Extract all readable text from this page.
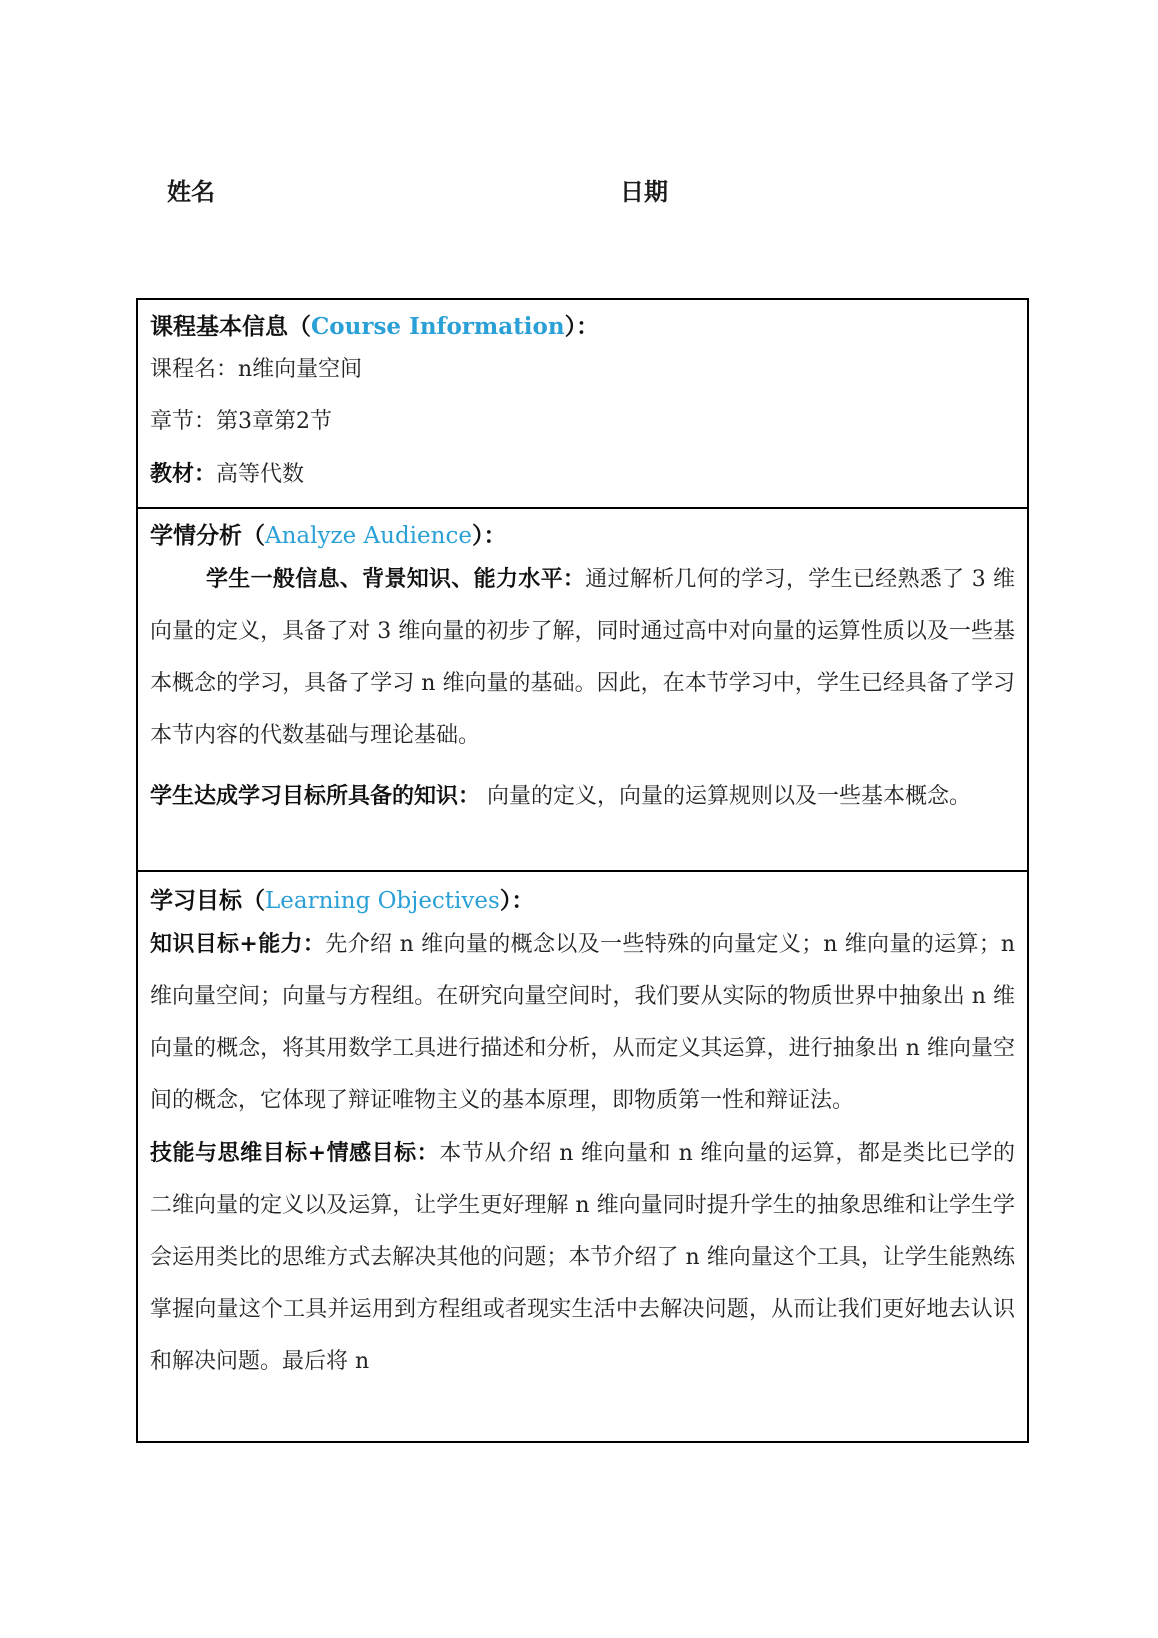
姓名	日期
课程基本信息（Course Information）：
课程名：n维向量空间
章节：第3章第2节
教材：高等代数
学情分析（Analyze Audience）：

学生一般信息、背景知识、能力水平：通过解析几何的学习，学生已经熟悉了 3 维向量的定义，具备了对 3 维向量的初步了解，同时通过高中对向量的运算性质以及一些基本概念的学习，具备了学习 n 维向量的基础。因此，在本节学习中，学生已经具备了学习本节内容的代数基础与理论基础。

学生达成学习目标所具备的知识： 向量的定义，向量的运算规则以及一些基本概念。

学习目标（Learning Objectives）：

知识目标+能力：先介绍 n 维向量的概念以及一些特殊的向量定义；n 维向量的运算；n 维向量空间；向量与方程组。在研究向量空间时，我们要从实际的物质世界中抽象出 n 维向量的概念，将其用数学工具进行描述和分析，从而定义其运算，进行抽象出 n 维向量空间的概念，它体现了辩证唯物主义的基本原理，即物质第一性和辩证法。

技能与思维目标+情感目标：本节从介绍 n 维向量和 n 维向量的运算，都是类比已学的二维向量的定义以及运算，让学生更好理解 n 维向量同时提升学生的抽象思维和让学生学会运用类比的思维方式去解决其他的问题；本节介绍了 n 维向量这个工具，让学生能熟练掌握向量这个工具并运用到方程组或者现实生活中去解决问题，从而让我们更好地去认识和解决问题。最后将 n
